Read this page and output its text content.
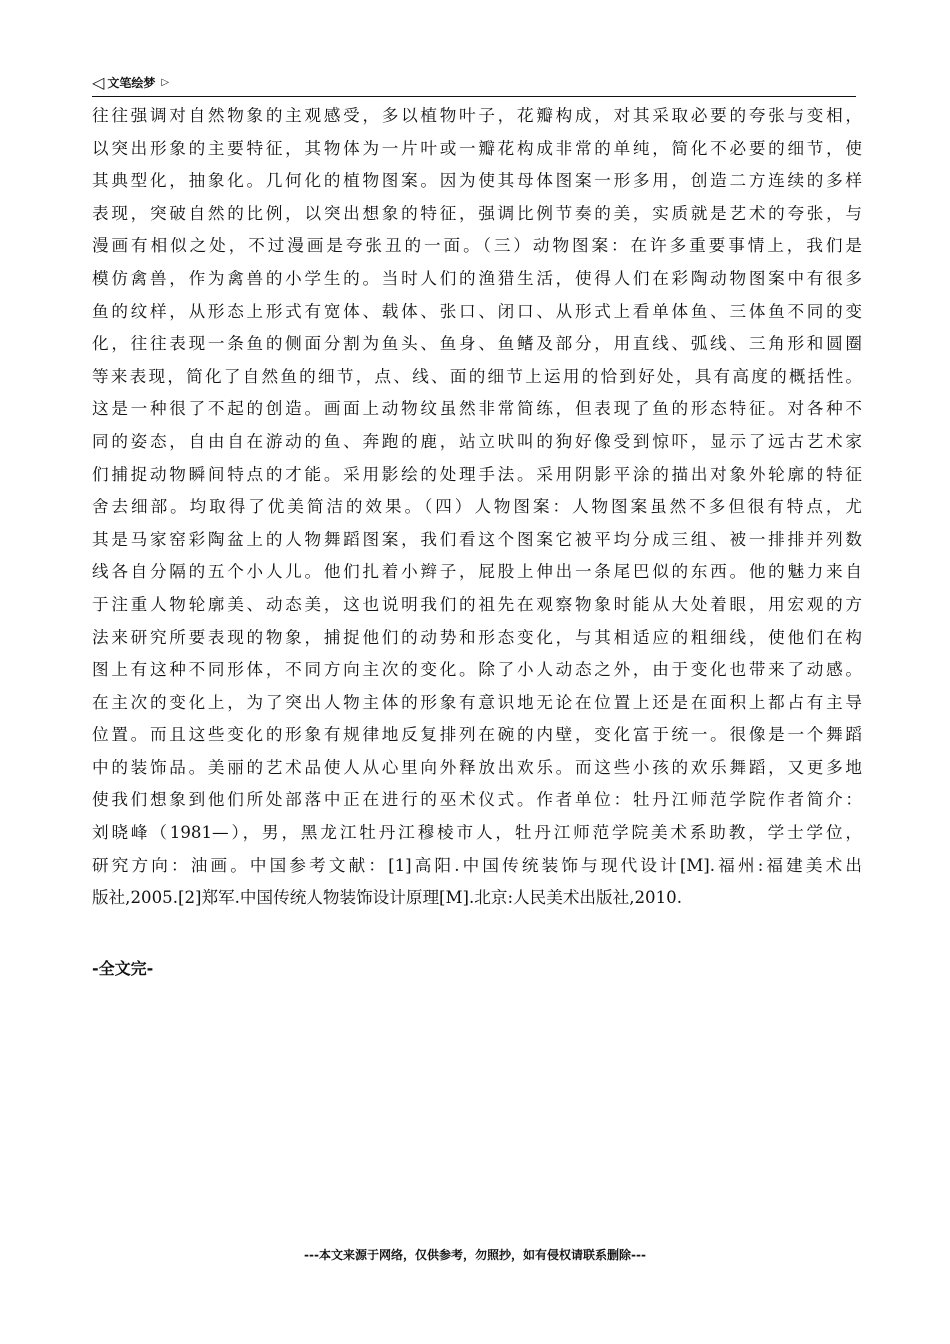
◁ 文笔绘梦 ▷
往往强调对自然物象的主观感受，多以植物叶子，花瓣构成，对其采取必要的夸张与变相，
以突出形象的主要特征，其物体为一片叶或一瓣花构成非常的单纯，简化不必要的细节，使
其典型化，抽象化。几何化的植物图案。因为使其母体图案一形多用，创造二方连续的多样
表现，突破自然的比例，以突出想象的特征，强调比例节奏的美，实质就是艺术的夸张，与
漫画有相似之处，不过漫画是夸张丑的一面。（三）动物图案：在许多重要事情上，我们是
模仿禽兽，作为禽兽的小学生的。当时人们的渔猎生活，使得人们在彩陶动物图案中有很多
鱼的纹样，从形态上形式有宽体、载体、张口、闭口、从形式上看单体鱼、三体鱼不同的变
化，往往表现一条鱼的侧面分割为鱼头、鱼身、鱼鳍及部分，用直线、弧线、三角形和圆圈
等来表现，简化了自然鱼的细节，点、线、面的细节上运用的恰到好处，具有高度的概括性。
这是一种很了不起的创造。画面上动物纹虽然非常简练，但表现了鱼的形态特征。对各种不
同的姿态，自由自在游动的鱼、奔跑的鹿，站立吠叫的狗好像受到惊吓，显示了远古艺术家
们捕捉动物瞬间特点的才能。采用影绘的处理手法。采用阴影平涂的描出对象外轮廓的特征
舍去细部。均取得了优美简洁的效果。（四）人物图案：人物图案虽然不多但很有特点，尤
其是马家窑彩陶盆上的人物舞蹈图案，我们看这个图案它被平均分成三组、被一排排并列数
线各自分隔的五个小人儿。他们扎着小辫子，屁股上伸出一条尾巴似的东西。他的魅力来自
于注重人物轮廓美、动态美，这也说明我们的祖先在观察物象时能从大处着眼，用宏观的方
法来研究所要表现的物象，捕捉他们的动势和形态变化，与其相适应的粗细线，使他们在构
图上有这种不同形体，不同方向主次的变化。除了小人动态之外，由于变化也带来了动感。
在主次的变化上，为了突出人物主体的形象有意识地无论在位置上还是在面积上都占有主导
位置。而且这些变化的形象有规律地反复排列在碗的内壁，变化富于统一。很像是一个舞蹈
中的装饰品。美丽的艺术品使人从心里向外释放出欢乐。而这些小孩的欢乐舞蹈，又更多地
使我们想象到他们所处部落中正在进行的巫术仪式。作者单位：牡丹江师范学院作者简介：
刘晓峰（1981—），男，黑龙江牡丹江穆棱市人，牡丹江师范学院美术系助教，学士学位，
研究方向：油画。中国参考文献：[1]高阳.中国传统装饰与现代设计[M].福州:福建美术出
版社,2005.[2]郑军.中国传统人物装饰设计原理[M].北京:人民美术出版社,2010.
-全文完-
---本文来源于网络，仅供参考，勿照抄，如有侵权请联系删除---
